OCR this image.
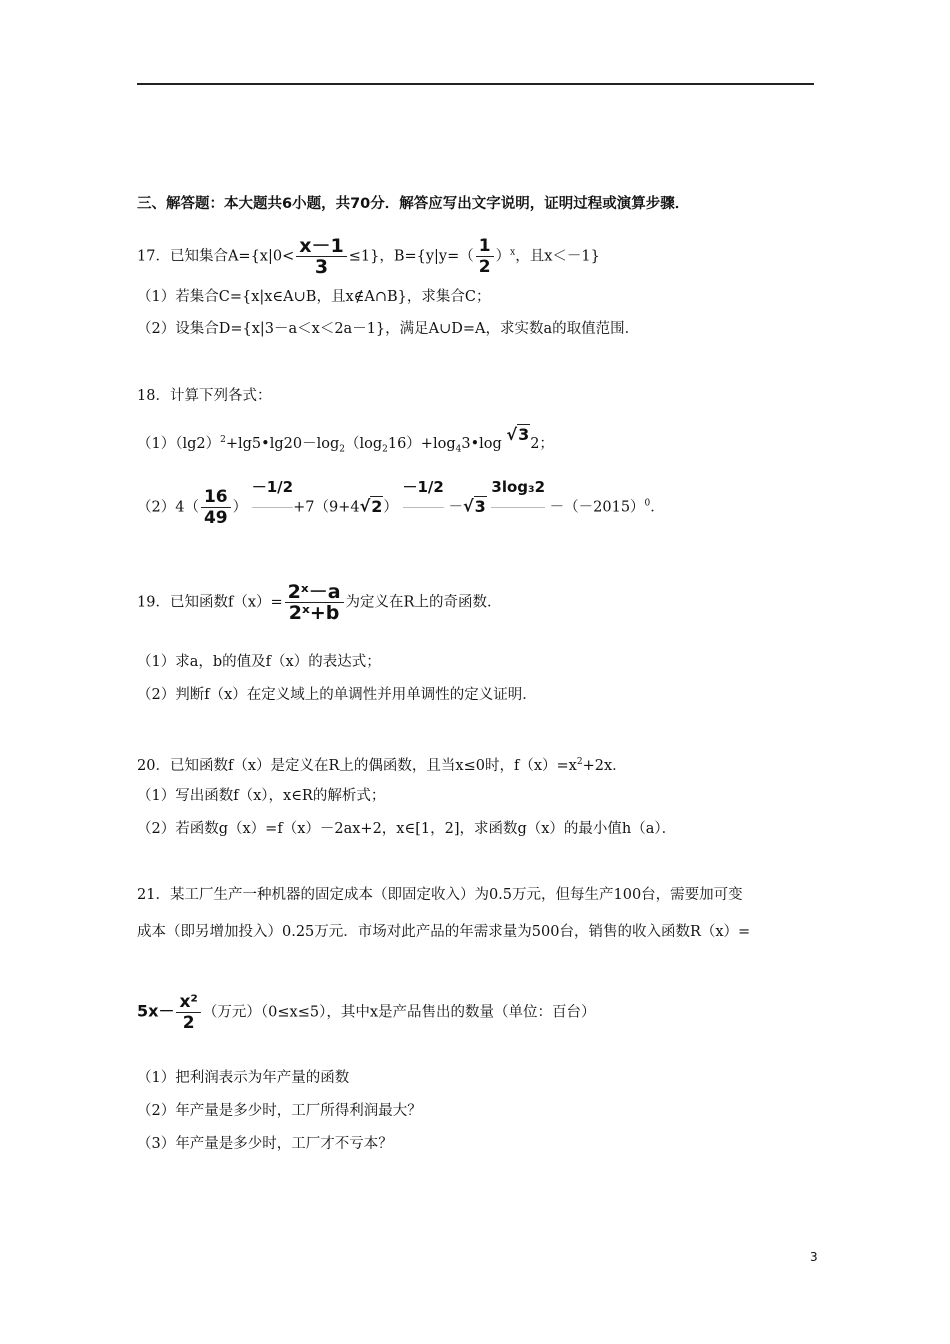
三、解答题：本大题共6小题，共70分．解答应写出文字说明，证明过程或演算步骤．
17．已知集合$A=\{x|0< \frac{x-1}{3} \le 1\}$，$B=\{y|y=( \frac{1}{2} )^x$，且x＜－1}
（1）若集合C={x|x∈A∪B，且x∉A∩B}，求集合C；
（2）设集合D={x|3－a＜x＜2a－1}，满足A∪D=A，求实数a的取值范围．
18．计算下列各式：
$(1)(\lg 2)^2+\lg 5•\lg 20-\log_2(\log_216)+\log_43•\log$ √32；
$(2)4( \frac{16}{49}$ ） －1/2+7（9+4√2） －1/2 －√3 $3\log_32 -(-2015)^0$．
19．已知函数$f(x)= \frac{\text{2ˣ－a}}{\text{2ˣ+b}}$ 为定义在R上的奇函数．
（1）求a，b的值及f（x）的表达式；
（2）判断f（x）在定义域上的单调性并用单调性的定义证明．
20．已知函数f（x）是定义在R上的偶函数，且当x≤0时，$f(x)=x^2+2x$．
（1）写出函数f（x），x∈R的解析式；
（2）若函数g（x）=f（x）－2ax+2，x∈[1，2]，求函数g（x）的最小值h（a）．
21．某工厂生产一种机器的固定成本（即固定收入）为0.5万元，但每生产100台，需要加可变
成本（即另增加投入）0.25万元．市场对此产品的年需求量为500台，销售的收入函数R（x）=
$5x- \frac{\text{x²}}{2}$ （万元）（0≤x≤5），其中x是产品售出的数量（单位：百台）
（1）把利润表示为年产量的函数
（2）年产量是多少时，工厂所得利润最大？
（3）年产量是多少时，工厂才不亏本？
3
